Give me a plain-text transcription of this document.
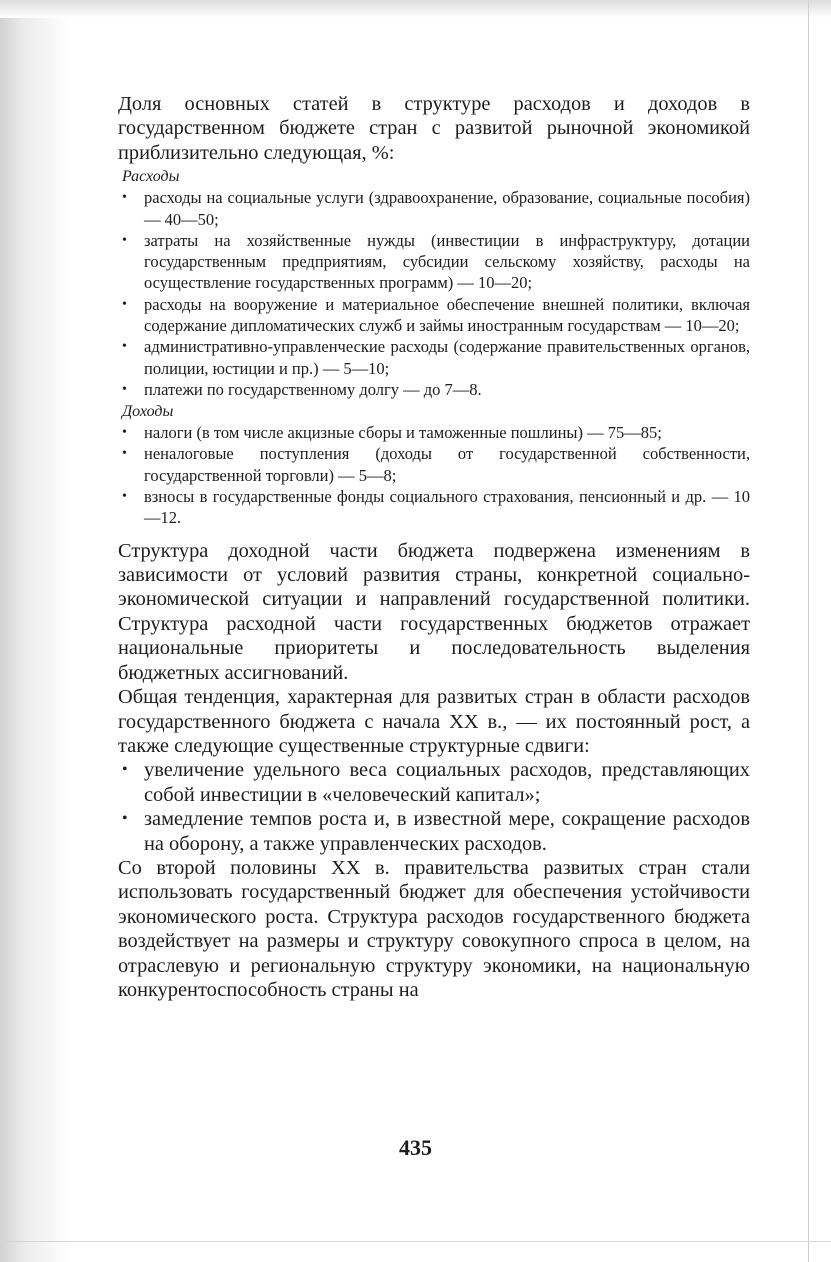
Доля основных статей в структуре расходов и доходов в государственном бюджете стран с развитой рыночной экономикой приблизительно следующая, %:

Расходы
• расходы на социальные услуги (здравоохранение, образование, социальные пособия) — 40—50;
• затраты на хозяйственные нужды (инвестиции в инфраструктуру, дотации государственным предприятиям, субсидии сельскому хозяйству, расходы на осуществление государственных программ) — 10—20;
• расходы на вооружение и материальное обеспечение внешней политики, включая содержание дипломатических служб и займы иностранным государствам — 10—20;
• административно-управленческие расходы (содержание правительственных органов, полиции, юстиции и пр.) — 5—10;
• платежи по государственному долгу — до 7—8.
Доходы
• налоги (в том числе акцизные сборы и таможенные пошлины) — 75—85;
• неналоговые поступления (доходы от государственной собственности, государственной торговли) — 5—8;
• взносы в государственные фонды социального страхования, пенсионный и др. — 10—12.

Структура доходной части бюджета подвержена изменениям в зависимости от условий развития страны, конкретной социально-экономической ситуации и направлений государственной политики. Структура расходной части государственных бюджетов отражает национальные приоритеты и последовательность выделения бюджетных ассигнований.

Общая тенденция, характерная для развитых стран в области расходов государственного бюджета с начала XX в., — их постоянный рост, а также следующие существенные структурные сдвиги:

• увеличение удельного веса социальных расходов, представляющих собой инвестиции в «человеческий капитал»;
• замедление темпов роста и, в известной мере, сокращение расходов на оборону, а также управленческих расходов.

Со второй половины XX в. правительства развитых стран стали использовать государственный бюджет для обеспечения устойчивости экономического роста. Структура расходов государственного бюджета воздействует на размеры и структуру совокупного спроса в целом, на отраслевую и региональную структуру экономики, на национальную конкурентоспособность страны на

435
